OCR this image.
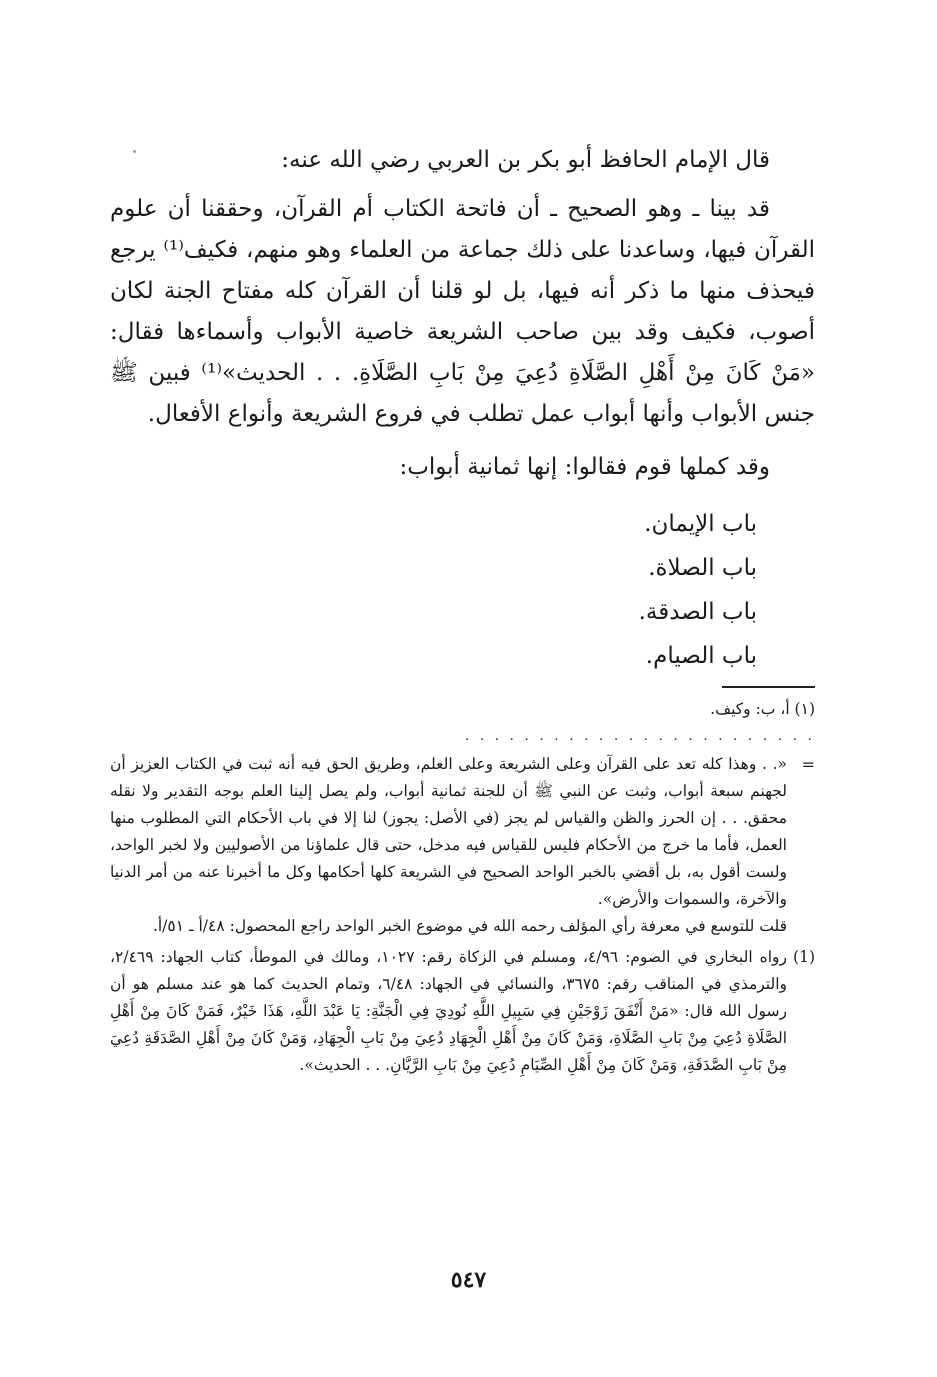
قال الإمام الحافظ أبو بكر بن العربي رضي الله عنه:

قد بينا ـ وهو الصحيح ـ أن فاتحة الكتاب أم القرآن، وحققنا أن علوم القرآن فيها، وساعدنا على ذلك جماعة من العلماء وهو منهم، فكيف⁽¹⁾ يرجع فيحذف منها ما ذكر أنه فيها، بل لو قلنا أن القرآن كله مفتاح الجنة لكان أصوب، فكيف وقد بين صاحب الشريعة خاصية الأبواب وأسماءها فقال: «مَنْ كَانَ مِنْ أَهْلِ الصَّلَاةِ دُعِيَ مِنْ بَابِ الصَّلَاةِ. . . الحديث»⁽¹⁾ فبين ﷺ جنس الأبواب وأنها أبواب عمل تطلب في فروع الشريعة وأنواع الأفعال.

وقد كملها قوم فقالوا: إنها ثمانية أبواب:

باب الإيمان.
باب الصلاة.
باب الصدقة.
باب الصيام.

(١) أ، ب: وكيف.

. . . . . . . . . . . . . . . . . . . . . . . .
=

«. . وهذا كله تعد على القرآن وعلى الشريعة وعلى العلم، وطريق الحق فيه أنه ثبت في الكتاب العزيز أن لجهنم سبعة أبواب، وثبت عن النبي ﷺ أن للجنة ثمانية أبواب، ولم يصل إلينا العلم بوجه التقدير ولا نقله محقق. . . إن الحرز والظن والقياس لم يجز (في الأصل: يجوز) لنا إلا في باب الأحكام التي المطلوب منها العمل، فأما ما خرج من الأحكام فليس للقياس فيه مدخل، حتى قال علماؤنا من الأصوليين ولا لخبر الواحد، ولست أقول به، بل أقضي بالخبر الواحد الصحيح في الشريعة كلها أحكامها وكل ما أخبرنا عنه من أمر الدنيا والآخرة، والسموات والأرض».

قلت للتوسع في معرفة رأي المؤلف رحمه الله في موضوع الخبر الواحد راجع المحصول: ٤٨/أ ـ ٥١/أ.

(1)

رواه البخاري في الصوم: ٤/٩٦، ومسلم في الزكاة رقم: ١٠٢٧، ومالك في الموطأ، كتاب الجهاد: ٢/٤٦٩، والترمذي في المناقب رقم: ٣٦٧٥، والنسائي في الجهاد: ٦/٤٨، وتمام الحديث كما هو عند مسلم هو أن رسول الله قال: «مَنْ أَنْفَقَ زَوْجَيْنِ فِي سَبِيلِ اللَّهِ نُودِيَ فِي الْجَنَّةِ: يَا عَبْدَ اللَّهِ، هَذَا خَيْرٌ، فَمَنْ كَانَ مِنْ أَهْلِ الصَّلَاةِ دُعِيَ مِنْ بَابِ الصَّلَاةِ، وَمَنْ كَانَ مِنْ أَهْلِ الْجِهَادِ دُعِيَ مِنْ بَابِ الْجِهَادِ، وَمَنْ كَانَ مِنْ أَهْلِ الصَّدَقَةِ دُعِيَ مِنْ بَابِ الصَّدَقَةِ، وَمَنْ كَانَ مِنْ أَهْلِ الصِّيَامِ دُعِيَ مِنْ بَابِ الرَّيَّانِ. . . الحديث».

٥٤٧
